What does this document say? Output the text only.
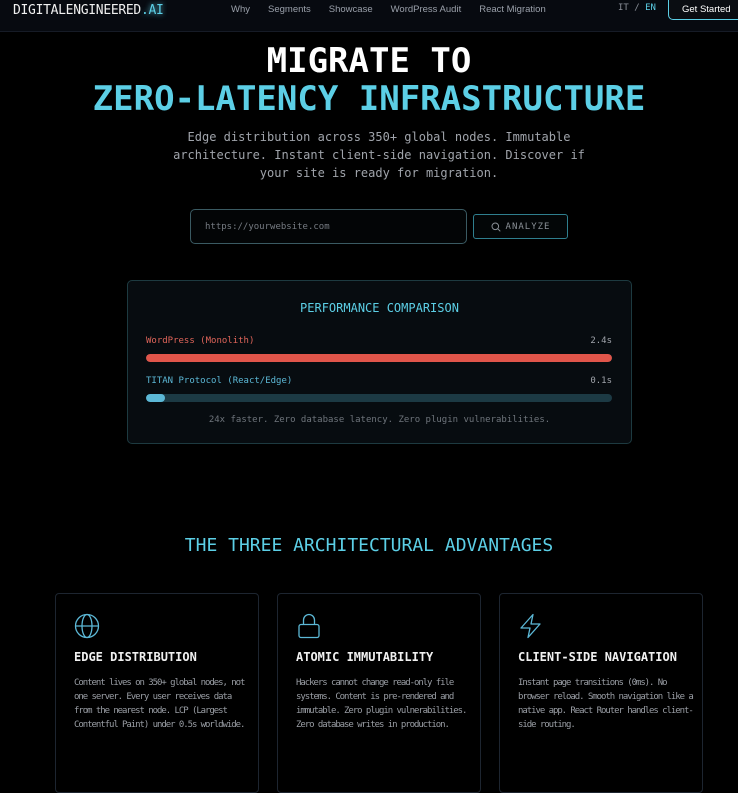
DIGITALENGINEERED.AI	Why Segments Showcase WordPress Audit React Migration	IT / EN	Get Started
MIGRATE TO
ZERO-LATENCY INFRASTRUCTURE

Edge distribution across 350+ global nodes. Immutable architecture. Instant client-side navigation. Discover if your site is ready for migration.

https://yourwebsite.com
ANALYZE
PERFORMANCE COMPARISON
WordPress (Monolith)	2.4s
TITAN Protocol (React/Edge)	0.1s
24x faster. Zero database latency. Zero plugin vulnerabilities.
THE THREE ARCHITECTURAL ADVANTAGES
EDGE DISTRIBUTION
Content lives on 350+ global nodes, not one server. Every user receives data from the nearest node. LCP (Largest Contentful Paint) under 0.5s worldwide.
ATOMIC IMMUTABILITY
Hackers cannot change read-only file systems. Content is pre-rendered and immutable. Zero plugin vulnerabilities. Zero database writes in production.
CLIENT-SIDE NAVIGATION
Instant page transitions (0ms). No browser reload. Smooth navigation like a native app. React Router handles client-side routing.
